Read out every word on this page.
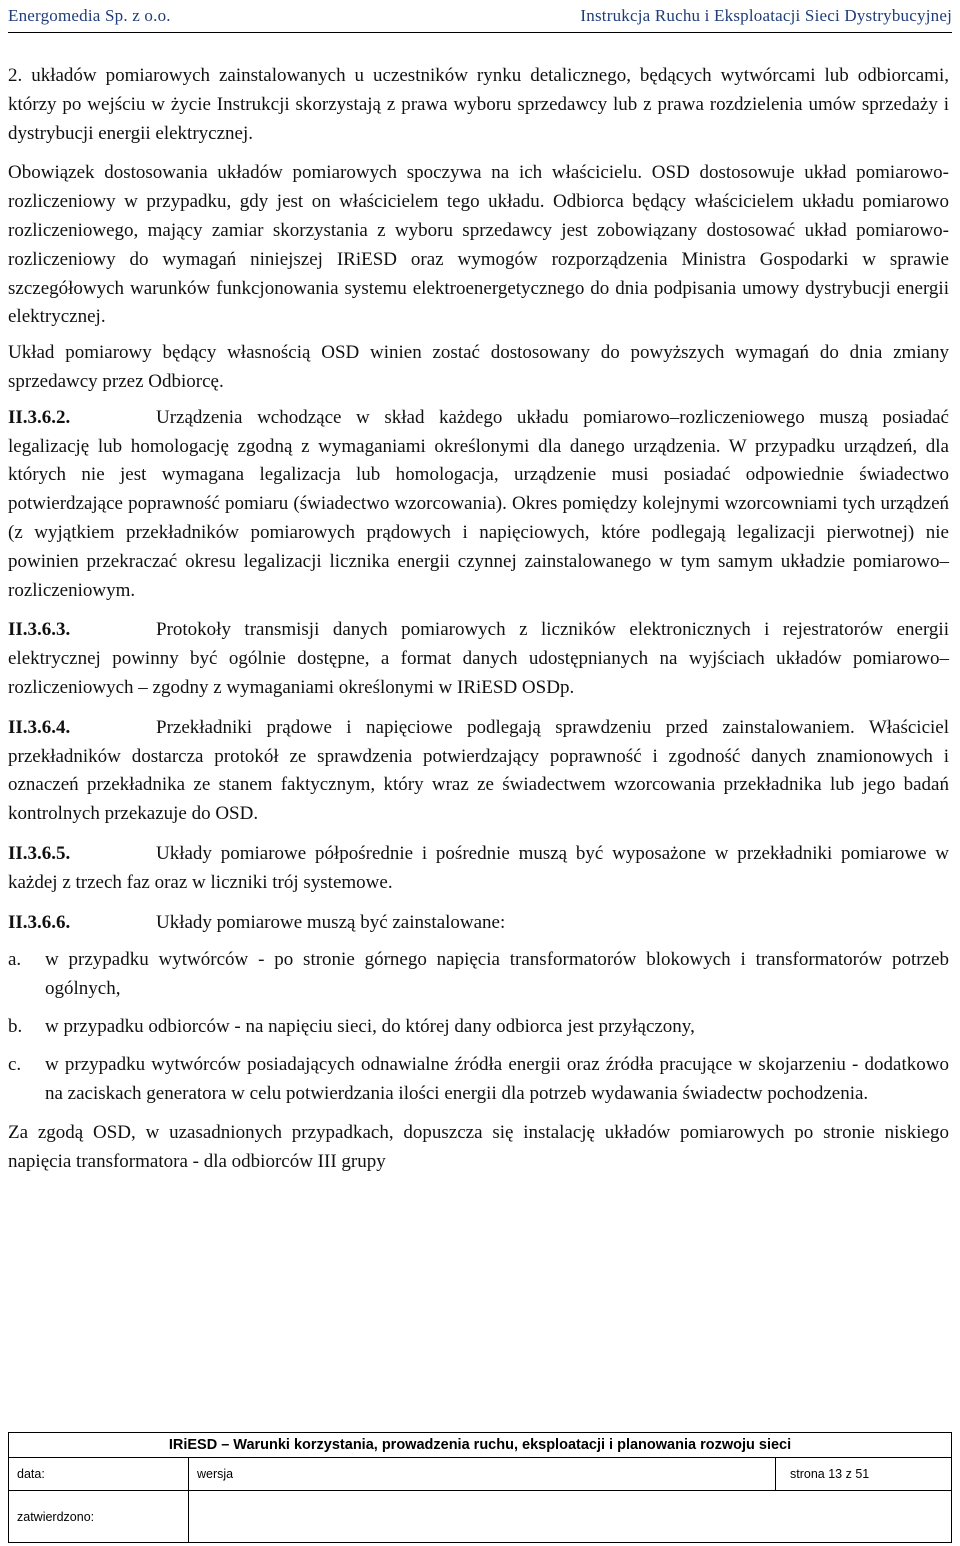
Energomedia Sp. z o.o.	Instrukcja Ruchu i Eksploatacji Sieci Dystrybucyjnej

2. układów pomiarowych zainstalowanych u uczestników rynku detalicznego, będących wytwórcami lub odbiorcami, którzy po wejściu w życie Instrukcji skorzystają z prawa wyboru sprzedawcy lub z prawa rozdzielenia umów sprzedaży i dystrybucji energii elektrycznej.

Obowiązek dostosowania układów pomiarowych spoczywa na ich właścicielu. OSD dostosowuje układ pomiarowo-rozliczeniowy w przypadku, gdy jest on właścicielem tego układu. Odbiorca będący właścicielem układu pomiarowo rozliczeniowego, mający zamiar skorzystania z wyboru sprzedawcy jest zobowiązany dostosować układ pomiarowo-rozliczeniowy do wymagań niniejszej IRiESD oraz wymogów rozporządzenia Ministra Gospodarki w sprawie szczegółowych warunków funkcjonowania systemu elektroenergetycznego do dnia podpisania umowy dystrybucji energii elektrycznej.

Układ pomiarowy będący własnością OSD winien zostać dostosowany do powyższych wymagań do dnia zmiany sprzedawcy przez Odbiorcę.

II.3.6.2.	Urządzenia wchodzące w skład każdego układu pomiarowo–rozliczeniowego muszą posiadać legalizację lub homologację zgodną z wymaganiami określonymi dla danego urządzenia. W przypadku urządzeń, dla których nie jest wymagana legalizacja lub homologacja, urządzenie musi posiadać odpowiednie świadectwo potwierdzające poprawność pomiaru (świadectwo wzorcowania). Okres pomiędzy kolejnymi wzorcowniami tych urządzeń (z wyjątkiem przekładników pomiarowych prądowych i napięciowych, które podlegają legalizacji pierwotnej) nie powinien przekraczać okresu legalizacji licznika energii czynnej zainstalowanego w tym samym układzie pomiarowo–rozliczeniowym.

II.3.6.3.	Protokoły transmisji danych pomiarowych z liczników elektronicznych i rejestratorów energii elektrycznej powinny być ogólnie dostępne, a format danych udostępnianych na wyjściach układów pomiarowo–rozliczeniowych – zgodny z wymaganiami określonymi w IRiESD OSDp.

II.3.6.4.	Przekładniki prądowe i napięciowe podlegają sprawdzeniu przed zainstalowaniem. Właściciel przekładników dostarcza protokół ze sprawdzenia potwierdzający poprawność i zgodność danych znamionowych i oznaczeń przekładnika ze stanem faktycznym, który wraz ze świadectwem wzorcowania przekładnika lub jego badań kontrolnych przekazuje do OSD.

II.3.6.5.	Układy pomiarowe półpośrednie i pośrednie muszą być wyposażone w przekładniki pomiarowe w każdej z trzech faz oraz w liczniki trój systemowe.

II.3.6.6.	Układy pomiarowe muszą być zainstalowane:

a.	w przypadku wytwórców - po stronie górnego napięcia transformatorów blokowych i transformatorów potrzeb ogólnych,
b.	w przypadku odbiorców - na napięciu sieci, do której dany odbiorca jest przyłączony,
c.	w przypadku wytwórców posiadających odnawialne źródła energii oraz źródła pracujące w skojarzeniu - dodatkowo na zaciskach generatora w celu potwierdzania ilości energii dla potrzeb wydawania świadectw pochodzenia.

Za zgodą OSD, w uzasadnionych przypadkach, dopuszcza się instalację układów pomiarowych po stronie niskiego napięcia transformatora - dla odbiorców III grupy

IRiESD – Warunki korzystania, prowadzenia ruchu, eksploatacji i planowania rozwoju sieci
data:	wersja	strona 13 z 51
zatwierdzono:
